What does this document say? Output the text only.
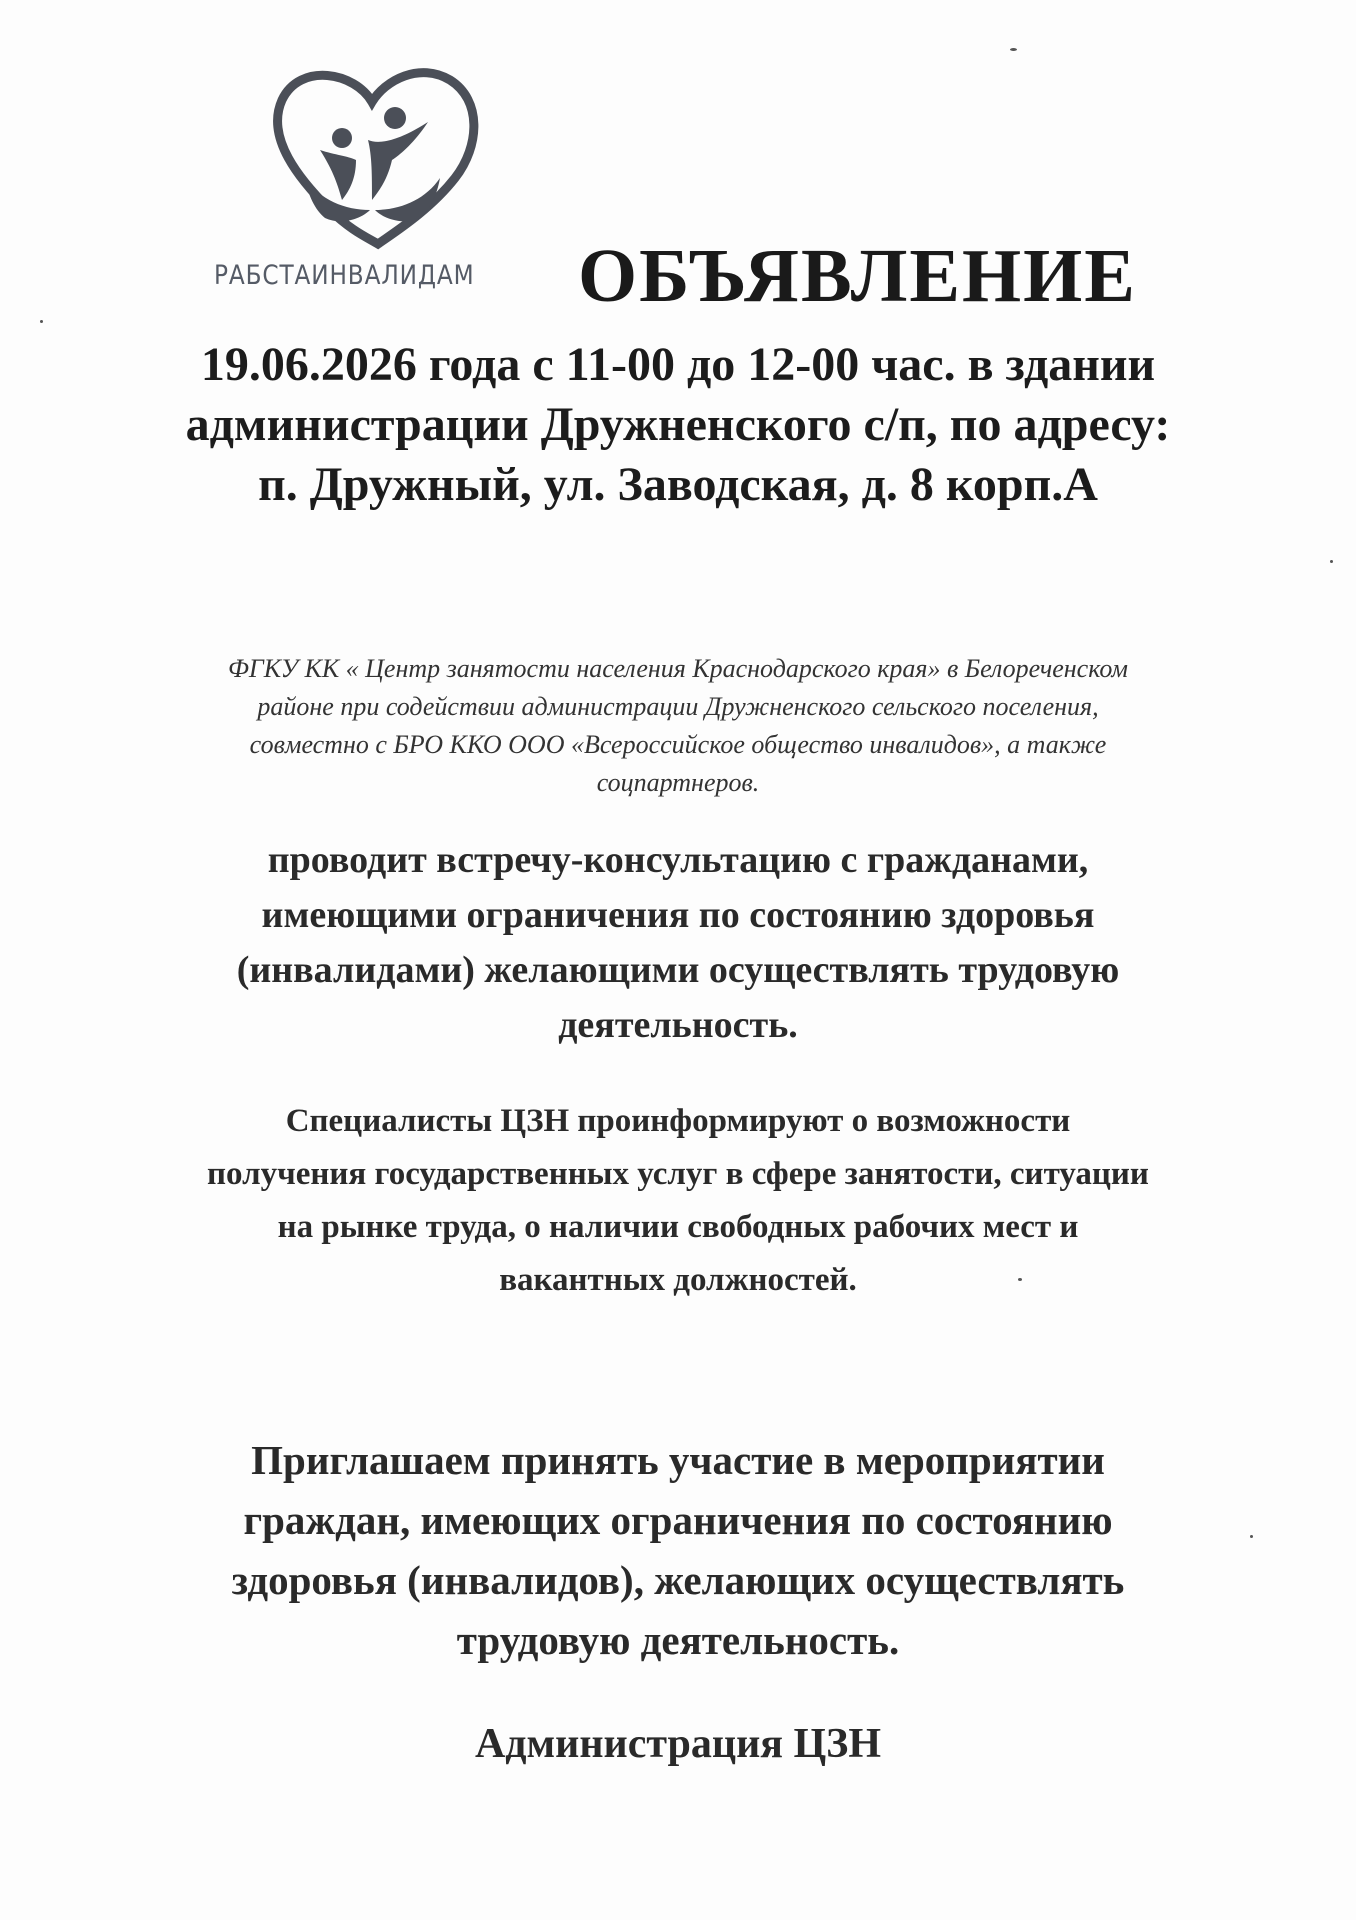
РАБСТАИНВАЛИДАМ ОБЪЯВЛЕНИЕ
19.06.2026 года с 11-00 до 12-00 час. в здании
администрации Дружненского с/п, по адресу:
п. Дружный, ул. Заводская, д. 8 корп.А
ФГКУ КК « Центр занятости населения Краснодарского края» в Белореченском
районе при содействии администрации Дружненского сельского поселения,
совместно с БРО ККО ООО «Всероссийское общество инвалидов», а также
соцпартнеров.
проводит встречу-консультацию с гражданами,
имеющими ограничения по состоянию здоровья
(инвалидами) желающими осуществлять трудовую
деятельность.
Специалисты ЦЗН проинформируют о возможности
получения государственных услуг в сфере занятости, ситуации
на рынке труда, о наличии свободных рабочих мест и
вакантных должностей.
Приглашаем принять участие в мероприятии
граждан, имеющих ограничения по состоянию
здоровья (инвалидов), желающих осуществлять
трудовую деятельность.
Администрация ЦЗН
